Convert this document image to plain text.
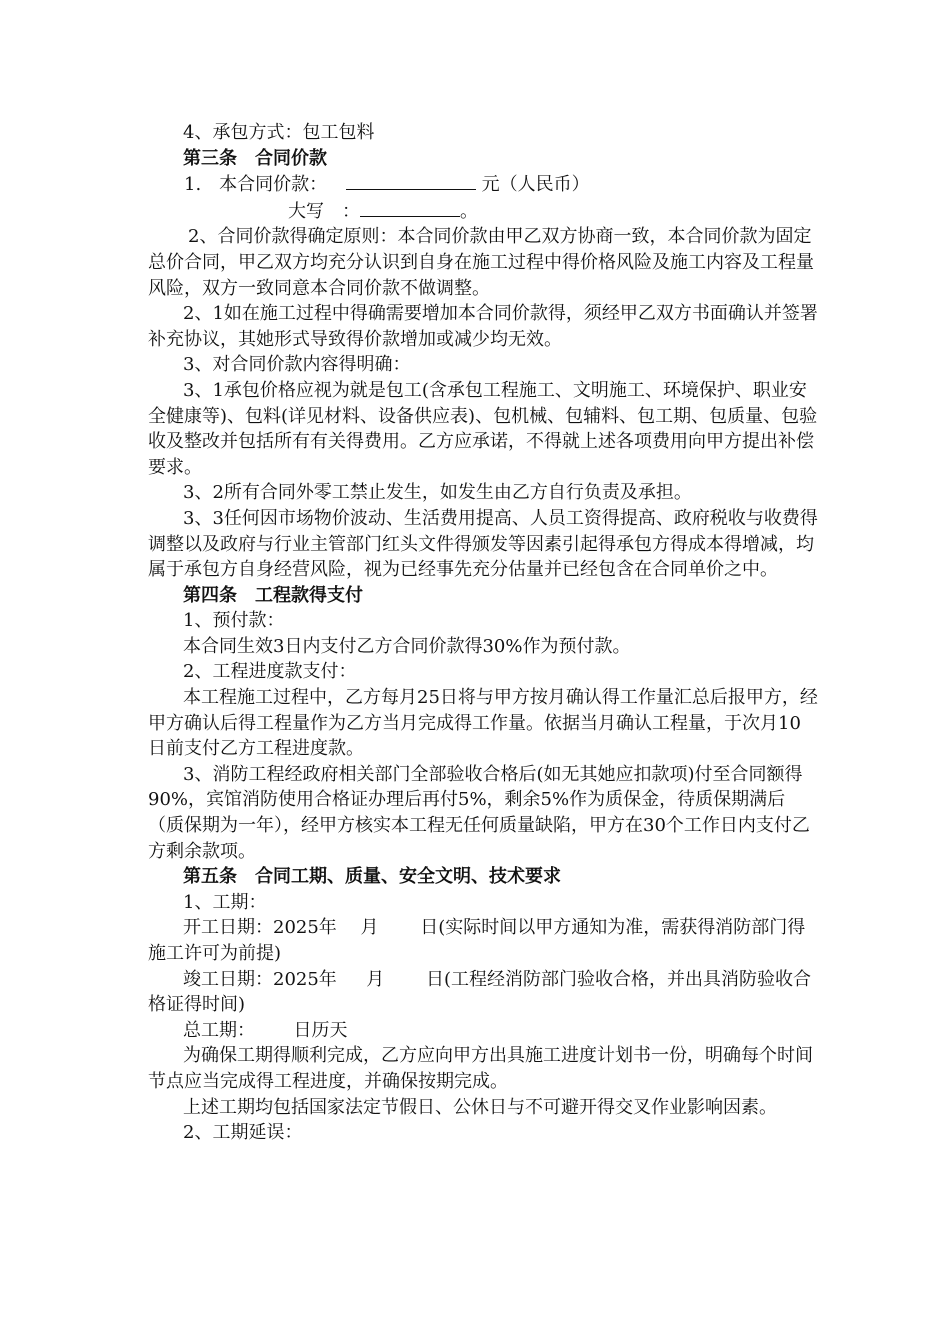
4、承包方式：包工包料

第三条　合同价款

1.　本合同价款：　	元（人民币）

大写　：	。

2、合同价款得确定原则：本合同价款由甲乙双方协商一致，本合同价款为固定总价合同，甲乙双方均充分认识到自身在施工过程中得价格风险及施工内容及工程量风险，双方一致同意本合同价款不做调整。

2、1如在施工过程中得确需要增加本合同价款得，须经甲乙双方书面确认并签署补充协议，其她形式导致得价款增加或减少均无效。

3、对合同价款内容得明确：

3、1承包价格应视为就是包工(含承包工程施工、文明施工、环境保护、职业安全健康等)、包料(详见材料、设备供应表)、包机械、包辅料、包工期、包质量、包验收及整改并包括所有有关得费用。乙方应承诺，不得就上述各项费用向甲方提出补偿要求。

3、2所有合同外零工禁止发生，如发生由乙方自行负责及承担。

3、3任何因市场物价波动、生活费用提高、人员工资得提高、政府税收与收费得调整以及政府与行业主管部门红头文件得颁发等因素引起得承包方得成本得增减，均属于承包方自身经营风险，视为已经事先充分估量并已经包含在合同单价之中。

第四条　工程款得支付

1、预付款：

本合同生效3日内支付乙方合同价款得30%作为预付款。

2、工程进度款支付：

本工程施工过程中，乙方每月25日将与甲方按月确认得工作量汇总后报甲方，经甲方确认后得工程量作为乙方当月完成得工作量。依据当月确认工程量，于次月10日前支付乙方工程进度款。

3、消防工程经政府相关部门全部验收合格后(如无其她应扣款项)付至合同额得90%，宾馆消防使用合格证办理后再付5%，剩余5%作为质保金，待质保期满后（质保期为一年），经甲方核实本工程无任何质量缺陷，甲方在30个工作日内支付乙方剩余款项。

第五条　合同工期、质量、安全文明、技术要求

1、工期：

开工日期：2025年　 月　　 日(实际时间以甲方通知为准，需获得消防部门得施工许可为前提)

竣工日期：2025年　  月　　 日(工程经消防部门验收合格，并出具消防验收合格证得时间)

总工期：　　  日历天

为确保工期得顺利完成，乙方应向甲方出具施工进度计划书一份，明确每个时间节点应当完成得工程进度，并确保按期完成。

上述工期均包括国家法定节假日、公休日与不可避开得交叉作业影响因素。

2、工期延误：
